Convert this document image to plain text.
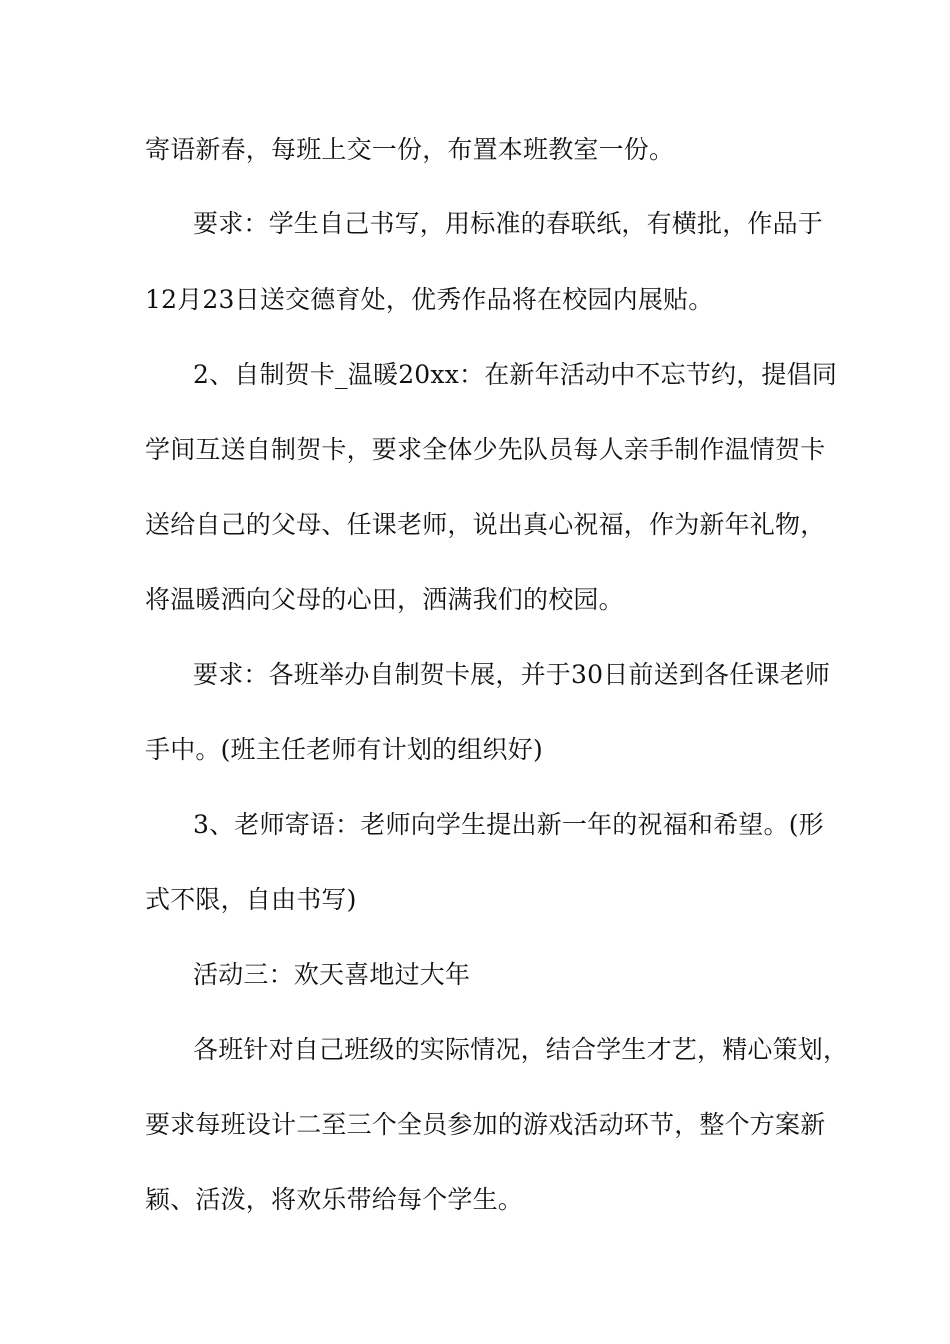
寄语新春，每班上交一份，布置本班教室一份。
要求：学生自己书写，用标准的春联纸，有横批，作品于
12月23日送交德育处，优秀作品将在校园内展贴。
2、自制贺卡_温暖20xx：在新年活动中不忘节约，提倡同
学间互送自制贺卡，要求全体少先队员每人亲手制作温情贺卡
送给自己的父母、任课老师，说出真心祝福，作为新年礼物，
将温暖洒向父母的心田，洒满我们的校园。
要求：各班举办自制贺卡展，并于30日前送到各任课老师
手中。(班主任老师有计划的组织好)
3、老师寄语：老师向学生提出新一年的祝福和希望。(形
式不限，自由书写)
活动三：欢天喜地过大年
各班针对自己班级的实际情况，结合学生才艺，精心策划，
要求每班设计二至三个全员参加的游戏活动环节，整个方案新
颖、活泼，将欢乐带给每个学生。
